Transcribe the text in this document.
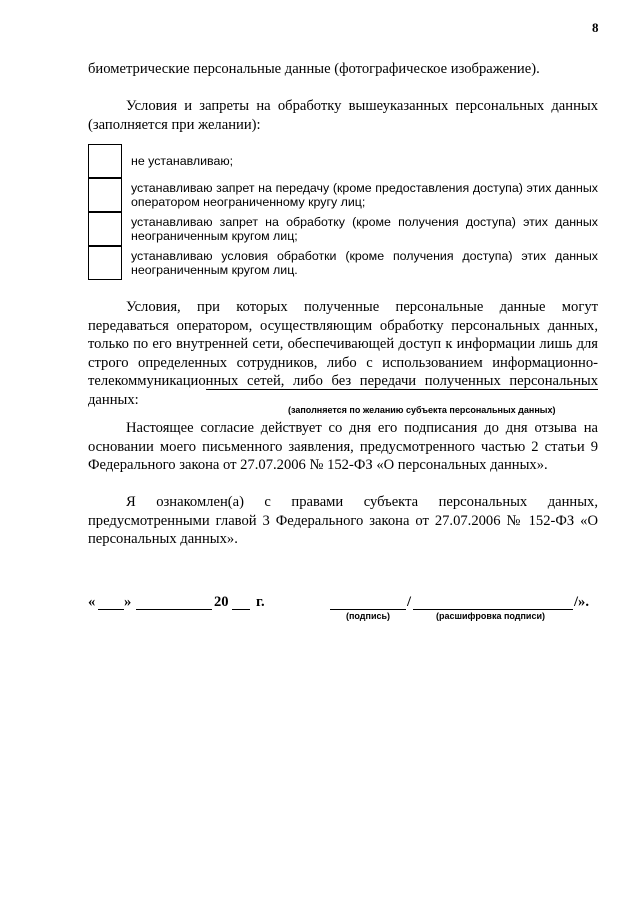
8
биометрические персональные данные (фотографическое изображение).
Условия и запреты на обработку вышеуказанных персональных данных (заполняется при желании):
	не устанавливаю;

	устанавливаю запрет на передачу (кроме предоставления доступа) этих данных оператором неограниченному кругу лиц;

	устанавливаю запрет на обработку (кроме получения доступа) этих данных неограниченным кругом лиц;

	устанавливаю условия обработки (кроме получения доступа) этих данных неограниченным кругом лиц.
Условия, при которых полученные персональные данные могут передаваться оператором, осуществляющим обработку персональных данных, только по его внутренней сети, обеспечивающей доступ к информации лишь для строго определенных сотрудников, либо с использованием информационно-телекоммуникационных сетей, либо без передачи полученных персональных данных:
(заполняется по желанию субъекта персональных данных)
Настоящее согласие действует со дня его подписания до дня отзыва на основании моего письменного заявления, предусмотренного частью 2 статьи 9 Федерального закона от 27.07.2006 № 152-ФЗ «О персональных данных».
Я ознакомлен(а) с правами субъекта персональных данных, предусмотренными главой 3 Федерального закона от 27.07.2006 № 152-ФЗ «О персональных данных».
« »	20 г.	/	/».
(подпись)	(расшифровка подписи)
